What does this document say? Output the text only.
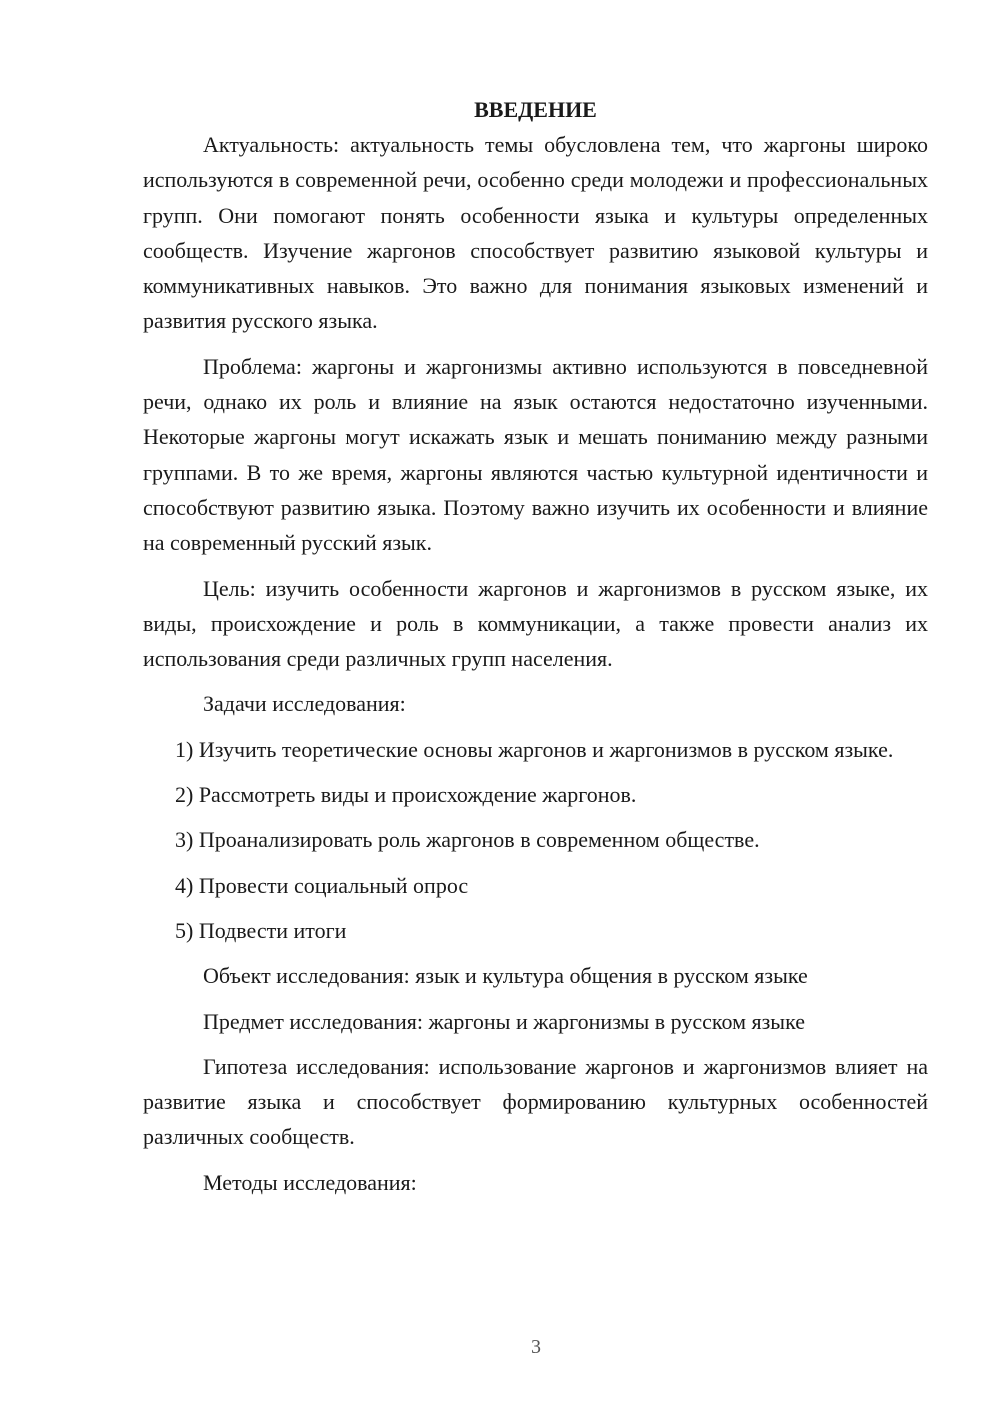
ВВЕДЕНИЕ

Актуальность: актуальность темы обусловлена тем, что жаргоны широко используются в современной речи, особенно среди молодежи и профессиональных групп. Они помогают понять особенности языка и культуры определенных сообществ. Изучение жаргонов способствует развитию языковой культуры и коммуникативных навыков. Это важно для понимания языковых изменений и развития русского языка.

Проблема: жаргоны и жаргонизмы активно используются в повседневной речи, однако их роль и влияние на язык остаются недостаточно изученными. Некоторые жаргоны могут искажать язык и мешать пониманию между разными группами. В то же время, жаргоны являются частью культурной идентичности и способствуют развитию языка. Поэтому важно изучить их особенности и влияние на современный русский язык.

Цель: изучить особенности жаргонов и жаргонизмов в русском языке, их виды, происхождение и роль в коммуникации, а также провести анализ их использования среди различных групп населения.

Задачи исследования:

1) Изучить теоретические основы жаргонов и жаргонизмов в русском языке.

2) Рассмотреть виды и происхождение жаргонов.

3) Проанализировать роль жаргонов в современном обществе.

4) Провести социальный опрос

5) Подвести итоги

Объект исследования: язык и культура общения в русском языке

Предмет исследования: жаргоны и жаргонизмы в русском языке

Гипотеза исследования: использование жаргонов и жаргонизмов влияет на развитие языка и способствует формированию культурных особенностей различных сообществ.

Методы исследования:

3
